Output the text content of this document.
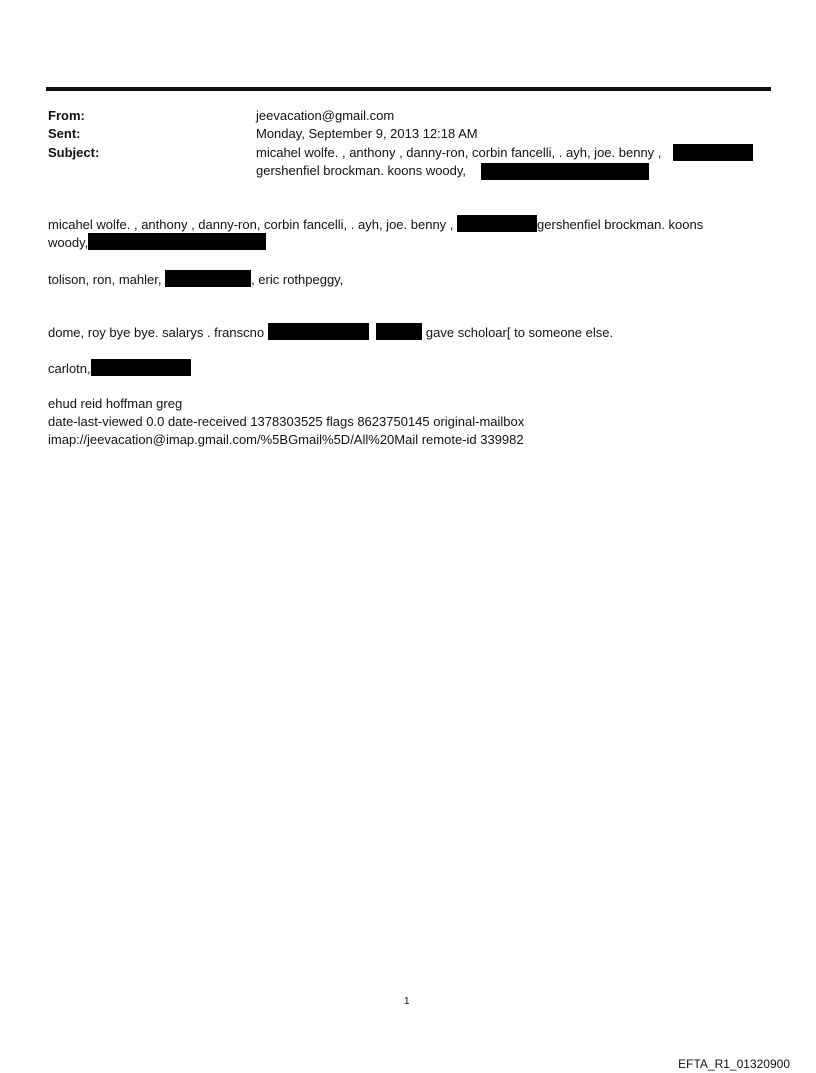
From:	jeevacation@gmail.com
Sent:	Monday, September 9, 2013 12:18 AM
Subject:	micahel wolfe. , anthony , danny-ron, corbin fancelli, . ayh, joe. benny ,
gershenfiel brockman. koons woody,
micahel wolfe. , anthony , danny-ron, corbin fancelli, . ayh, joe. benny ,	gershenfiel brockman. koons
woody,
tolison, ron, mahler,	, eric rothpeggy,
dome, roy bye bye. salarys . franscno	gave scholoar[ to someone else.
carlotn,
ehud reid hoffman greg
date-last-viewed 0.0 date-received 1378303525 flags 8623750145 original-mailbox
imap://jeevacation@imap.gmail.com/%5BGmail%5D/All%20Mail remote-id 339982
1
EFTA_R1_01320900
